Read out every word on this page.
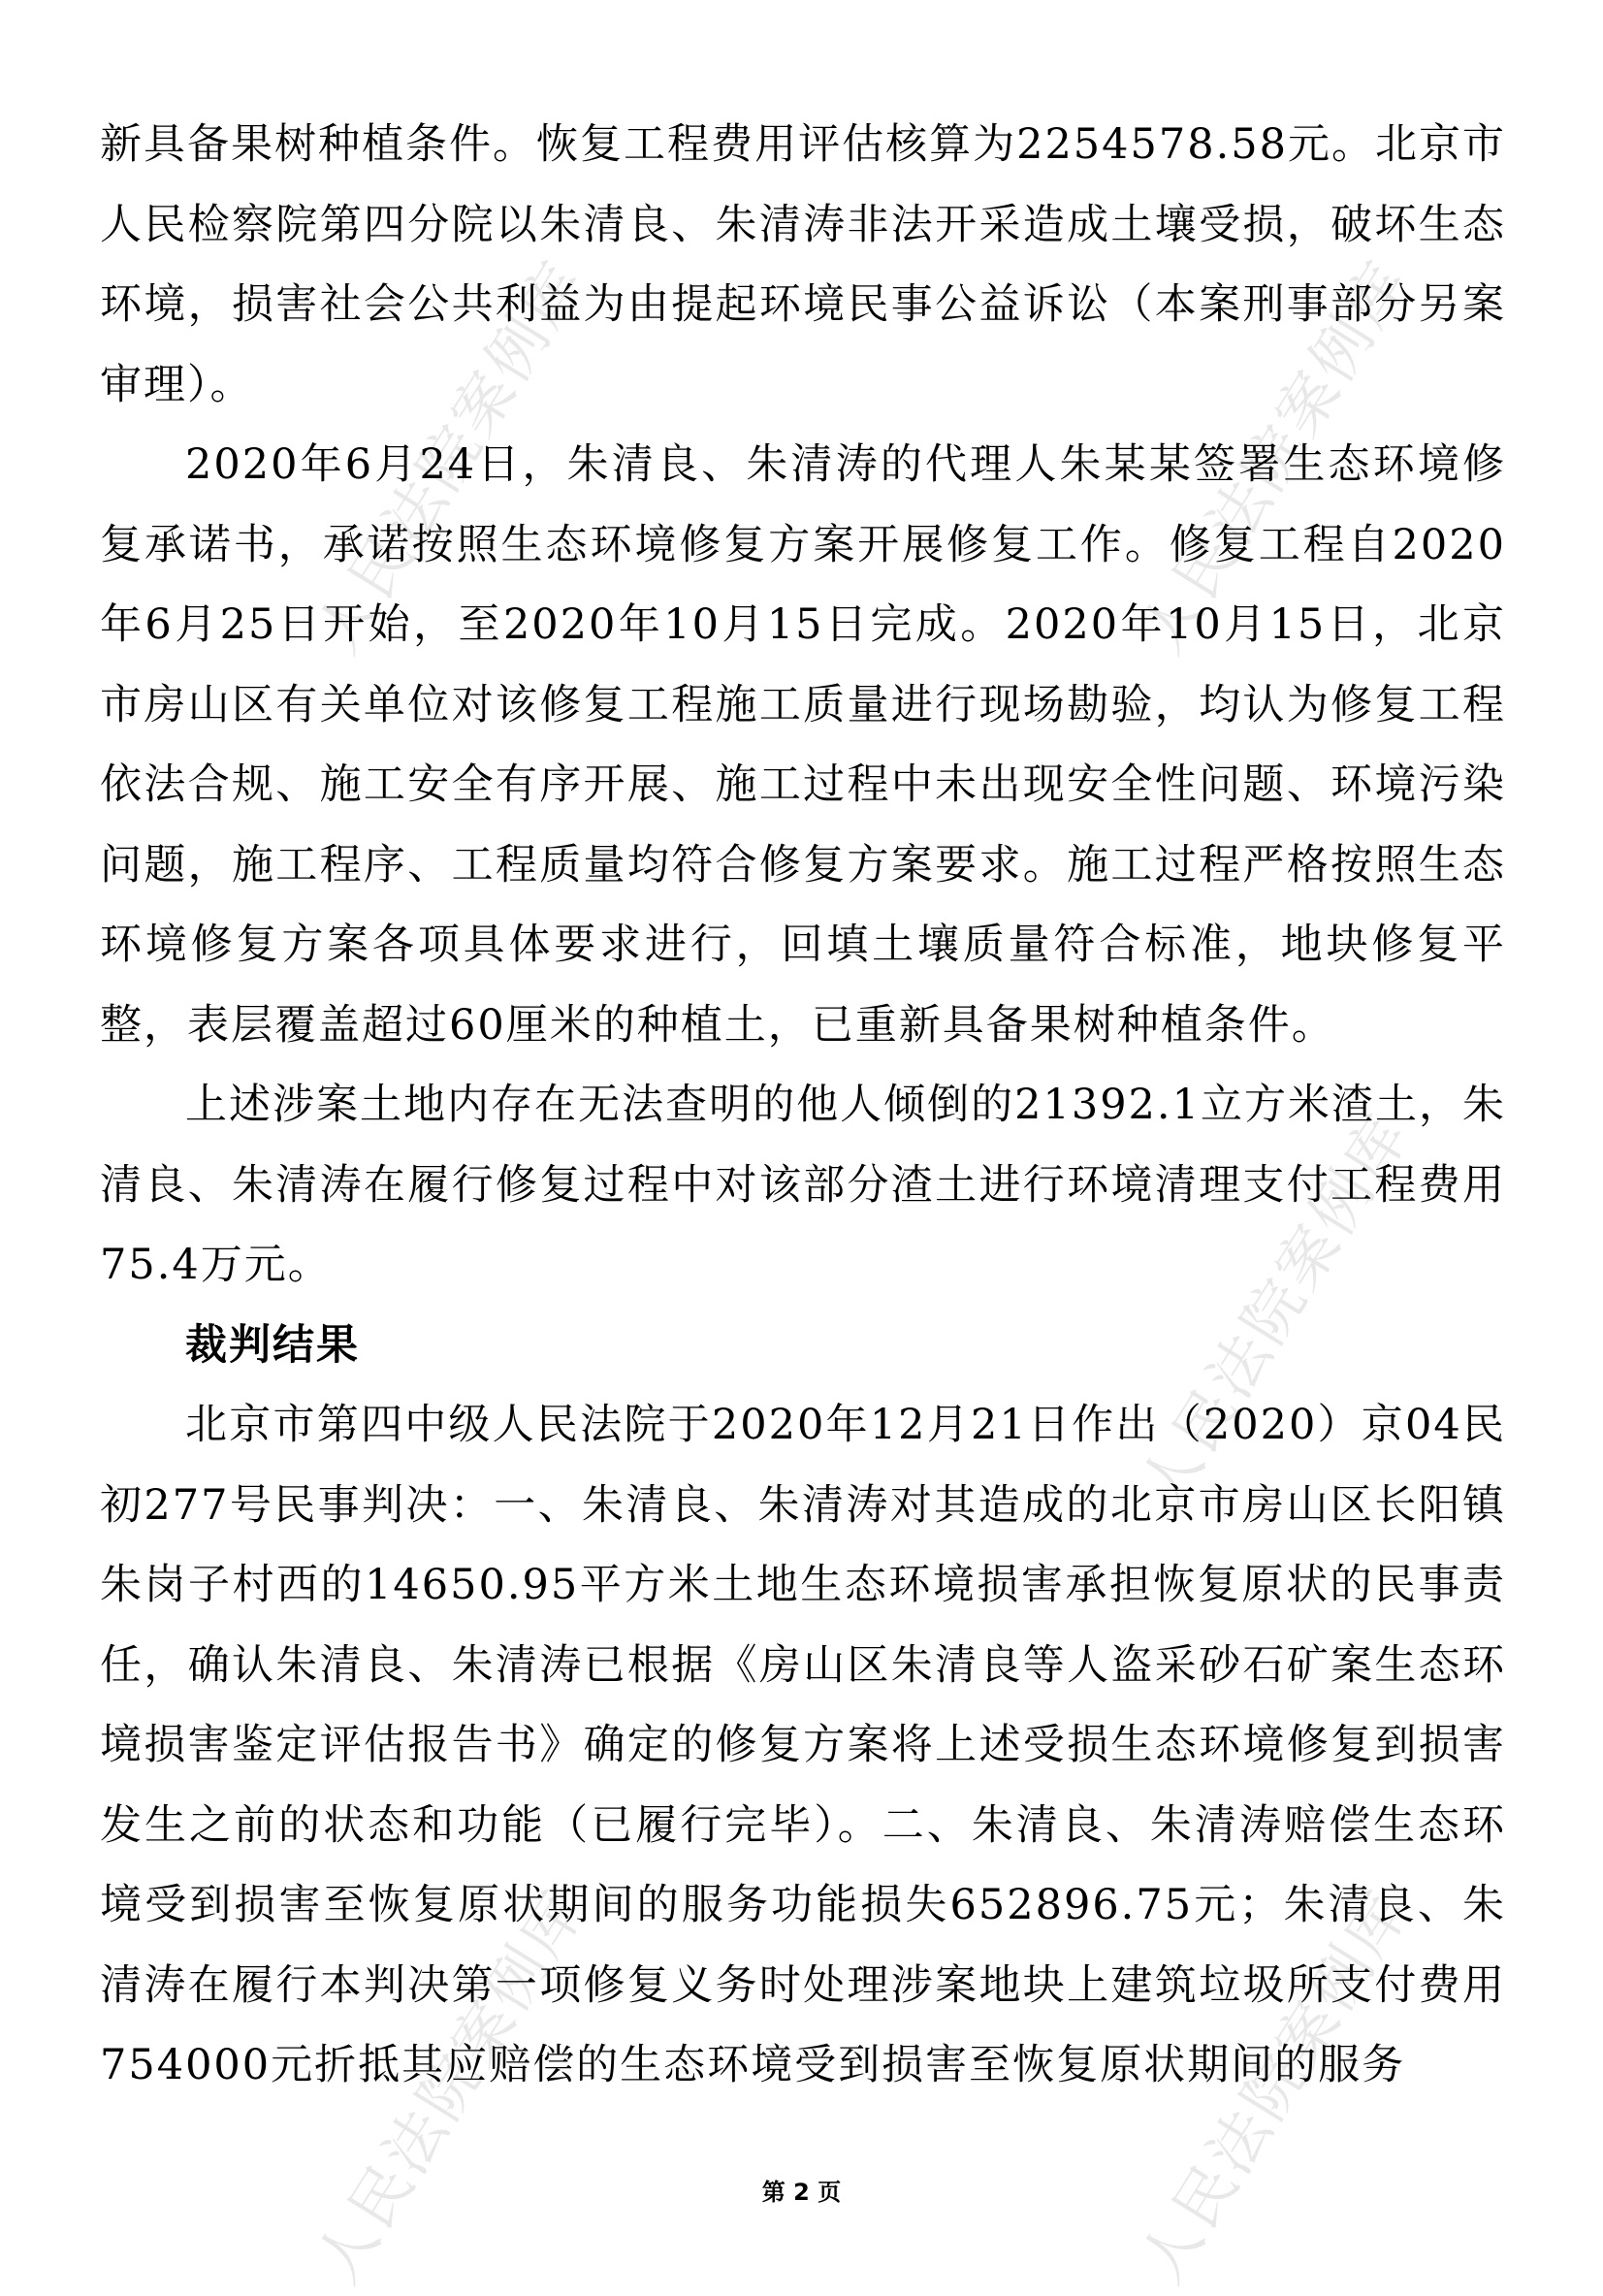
人民法院案例库	人民法院案例库
人民法院案例库
人民法院案例库	人民法院案例库

新具备果树种植条件。恢复工程费用评估核算为2254578.58元。北京市人民检察院第四分院以朱清良、朱清涛非法开采造成土壤受损，破坏生态环境，损害社会公共利益为由提起环境民事公益诉讼（本案刑事部分另案审理）。

2020年6月24日，朱清良、朱清涛的代理人朱某某签署生态环境修复承诺书，承诺按照生态环境修复方案开展修复工作。修复工程自2020年6月25日开始，至2020年10月15日完成。2020年10月15日，北京市房山区有关单位对该修复工程施工质量进行现场勘验，均认为修复工程依法合规、施工安全有序开展、施工过程中未出现安全性问题、环境污染问题，施工程序、工程质量均符合修复方案要求。施工过程严格按照生态环境修复方案各项具体要求进行，回填土壤质量符合标准，地块修复平整，表层覆盖超过60厘米的种植土，已重新具备果树种植条件。

上述涉案土地内存在无法查明的他人倾倒的21392.1立方米渣土，朱清良、朱清涛在履行修复过程中对该部分渣土进行环境清理支付工程费用75.4万元。

裁判结果

北京市第四中级人民法院于2020年12月21日作出（2020）京04民初277号民事判决：一、朱清良、朱清涛对其造成的北京市房山区长阳镇朱岗子村西的14650.95平方米土地生态环境损害承担恢复原状的民事责任，确认朱清良、朱清涛已根据《房山区朱清良等人盗采砂石矿案生态环境损害鉴定评估报告书》确定的修复方案将上述受损生态环境修复到损害发生之前的状态和功能（已履行完毕）。二、朱清良、朱清涛赔偿生态环境受到损害至恢复原状期间的服务功能损失652896.75元；朱清良、朱清涛在履行本判决第一项修复义务时处理涉案地块上建筑垃圾所支付费用754000元折抵其应赔偿的生态环境受到损害至恢复原状期间的服务

第 2 页
